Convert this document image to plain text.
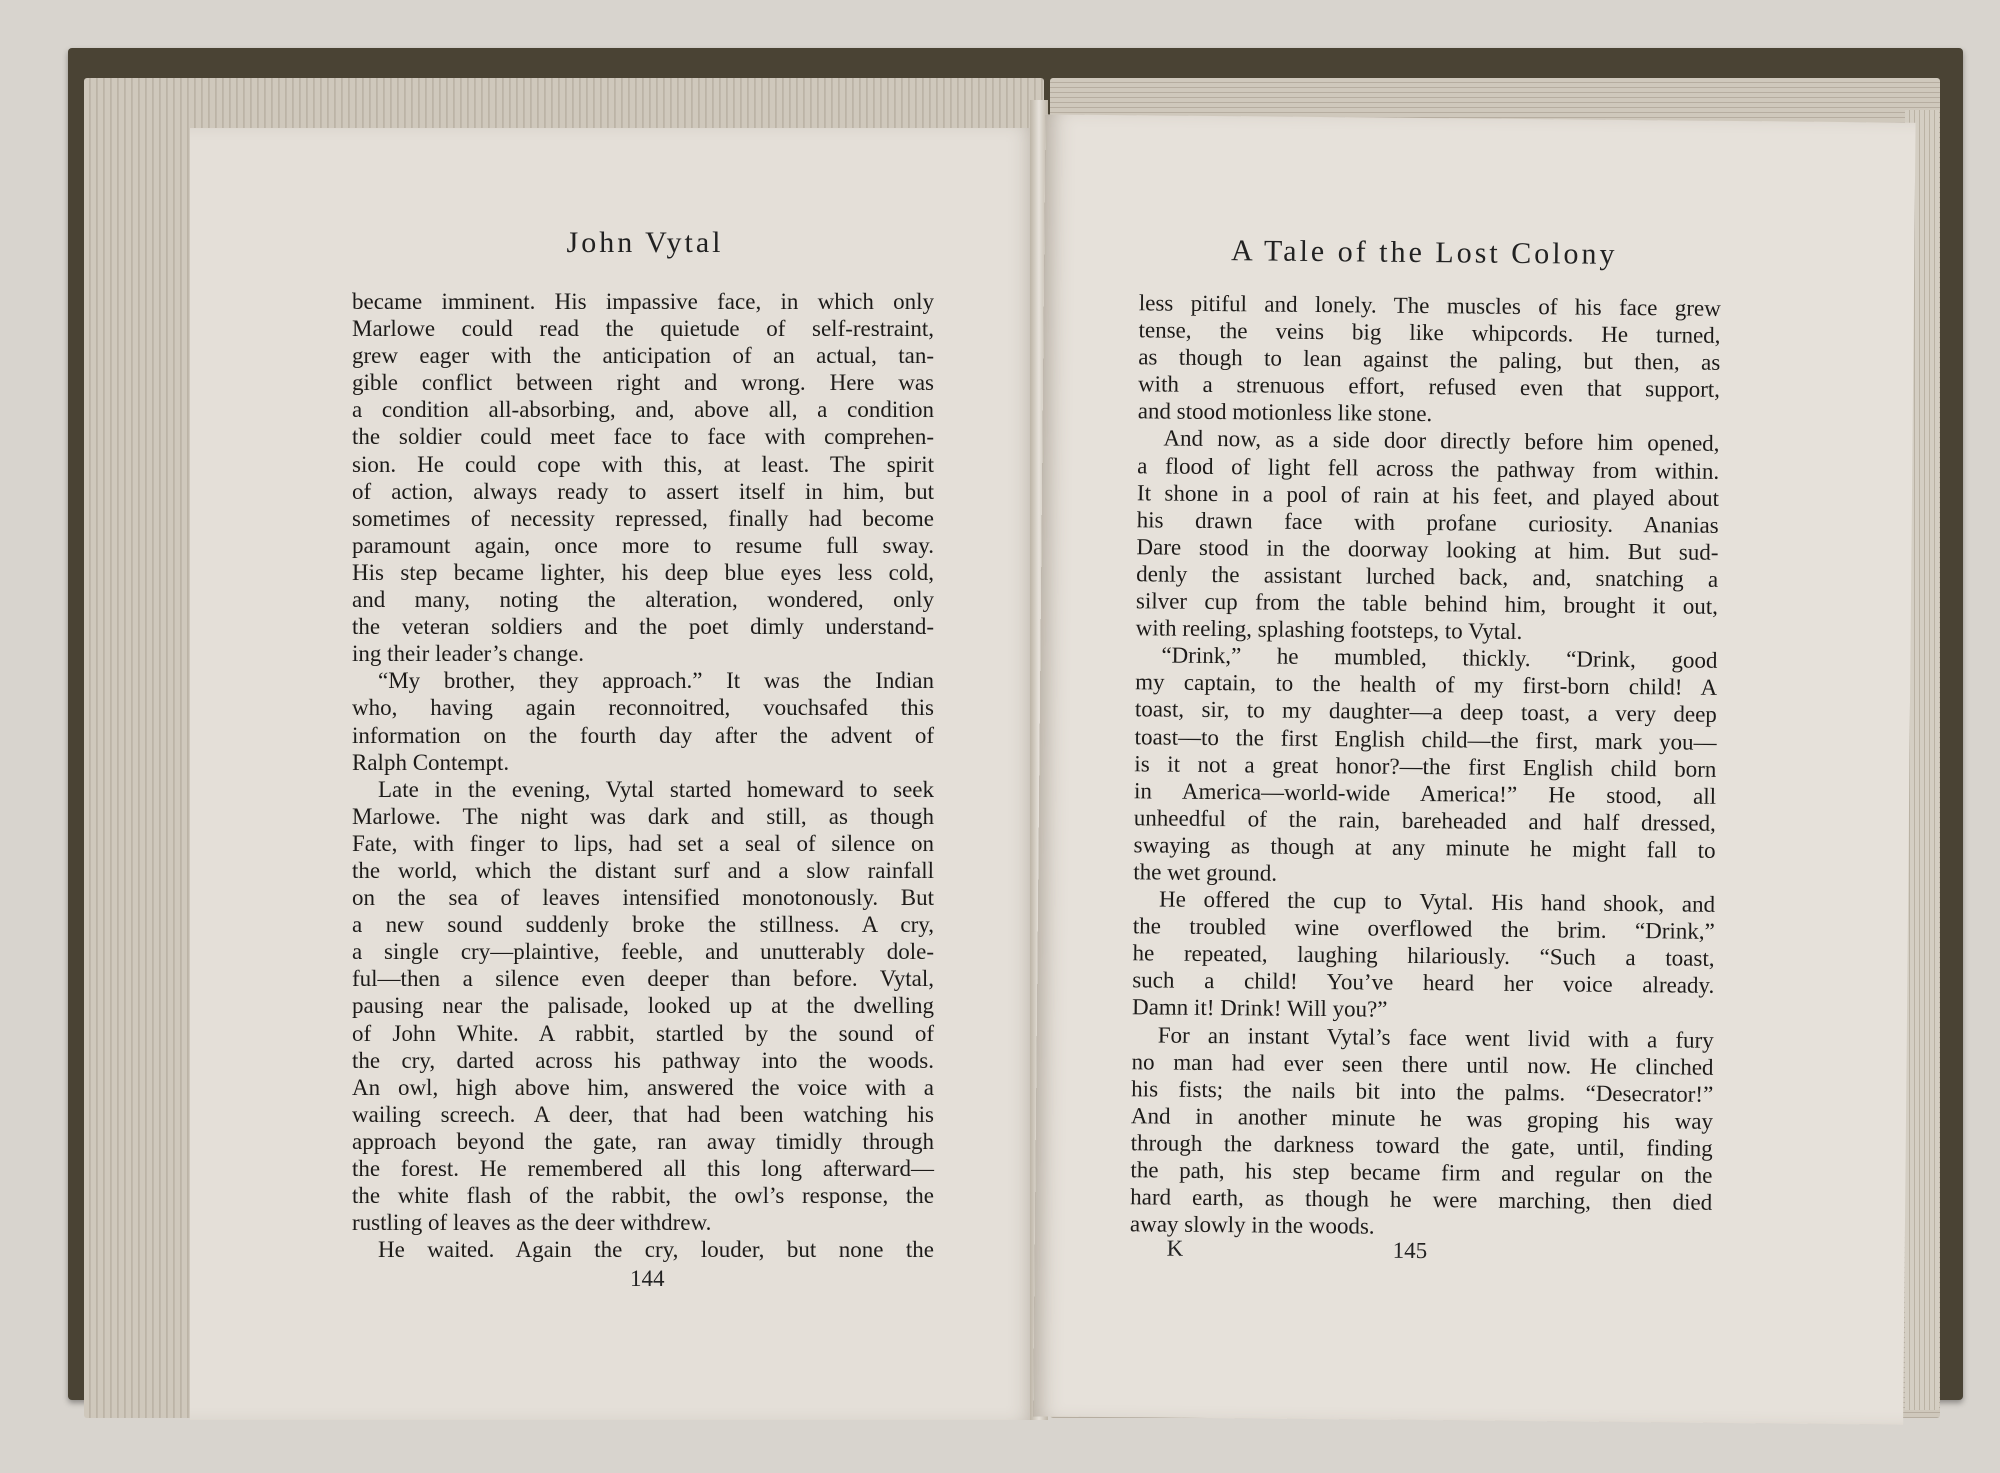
John Vytal
became imminent. His impassive face, in which only
Marlowe could read the quietude of self-restraint,
grew eager with the anticipation of an actual, tan-
gible conflict between right and wrong. Here was
a condition all-absorbing, and, above all, a condition
the soldier could meet face to face with comprehen-
sion. He could cope with this, at least. The spirit
of action, always ready to assert itself in him, but
sometimes of necessity repressed, finally had become
paramount again, once more to resume full sway.
His step became lighter, his deep blue eyes less cold,
and many, noting the alteration, wondered, only
the veteran soldiers and the poet dimly understand-
ing their leader’s change.
“My brother, they approach.” It was the Indian
who, having again reconnoitred, vouchsafed this
information on the fourth day after the advent of
Ralph Contempt.
Late in the evening, Vytal started homeward to seek
Marlowe. The night was dark and still, as though
Fate, with finger to lips, had set a seal of silence on
the world, which the distant surf and a slow rainfall
on the sea of leaves intensified monotonously. But
a new sound suddenly broke the stillness. A cry,
a single cry—plaintive, feeble, and unutterably dole-
ful—then a silence even deeper than before. Vytal,
pausing near the palisade, looked up at the dwelling
of John White. A rabbit, startled by the sound of
the cry, darted across his pathway into the woods.
An owl, high above him, answered the voice with a
wailing screech. A deer, that had been watching his
approach beyond the gate, ran away timidly through
the forest. He remembered all this long afterward—
the white flash of the rabbit, the owl’s response, the
rustling of leaves as the deer withdrew.
He waited. Again the cry, louder, but none the
144
A Tale of the Lost Colony
less pitiful and lonely. The muscles of his face grew
tense, the veins big like whipcords. He turned,
as though to lean against the paling, but then, as
with a strenuous effort, refused even that support,
and stood motionless like stone.
And now, as a side door directly before him opened,
a flood of light fell across the pathway from within.
It shone in a pool of rain at his feet, and played about
his drawn face with profane curiosity. Ananias
Dare stood in the doorway looking at him. But sud-
denly the assistant lurched back, and, snatching a
silver cup from the table behind him, brought it out,
with reeling, splashing footsteps, to Vytal.
“Drink,” he mumbled, thickly. “Drink, good
my captain, to the health of my first-born child! A
toast, sir, to my daughter—a deep toast, a very deep
toast—to the first English child—the first, mark you—
is it not a great honor?—the first English child born
in America—world-wide America!” He stood, all
unheedful of the rain, bareheaded and half dressed,
swaying as though at any minute he might fall to
the wet ground.
He offered the cup to Vytal. His hand shook, and
the troubled wine overflowed the brim. “Drink,”
he repeated, laughing hilariously. “Such a toast,
such a child! You’ve heard her voice already.
Damn it! Drink! Will you?”
For an instant Vytal’s face went livid with a fury
no man had ever seen there until now. He clinched
his fists; the nails bit into the palms. “Desecrator!”
And in another minute he was groping his way
through the darkness toward the gate, until, finding
the path, his step became firm and regular on the
hard earth, as though he were marching, then died
away slowly in the woods.
K	145
